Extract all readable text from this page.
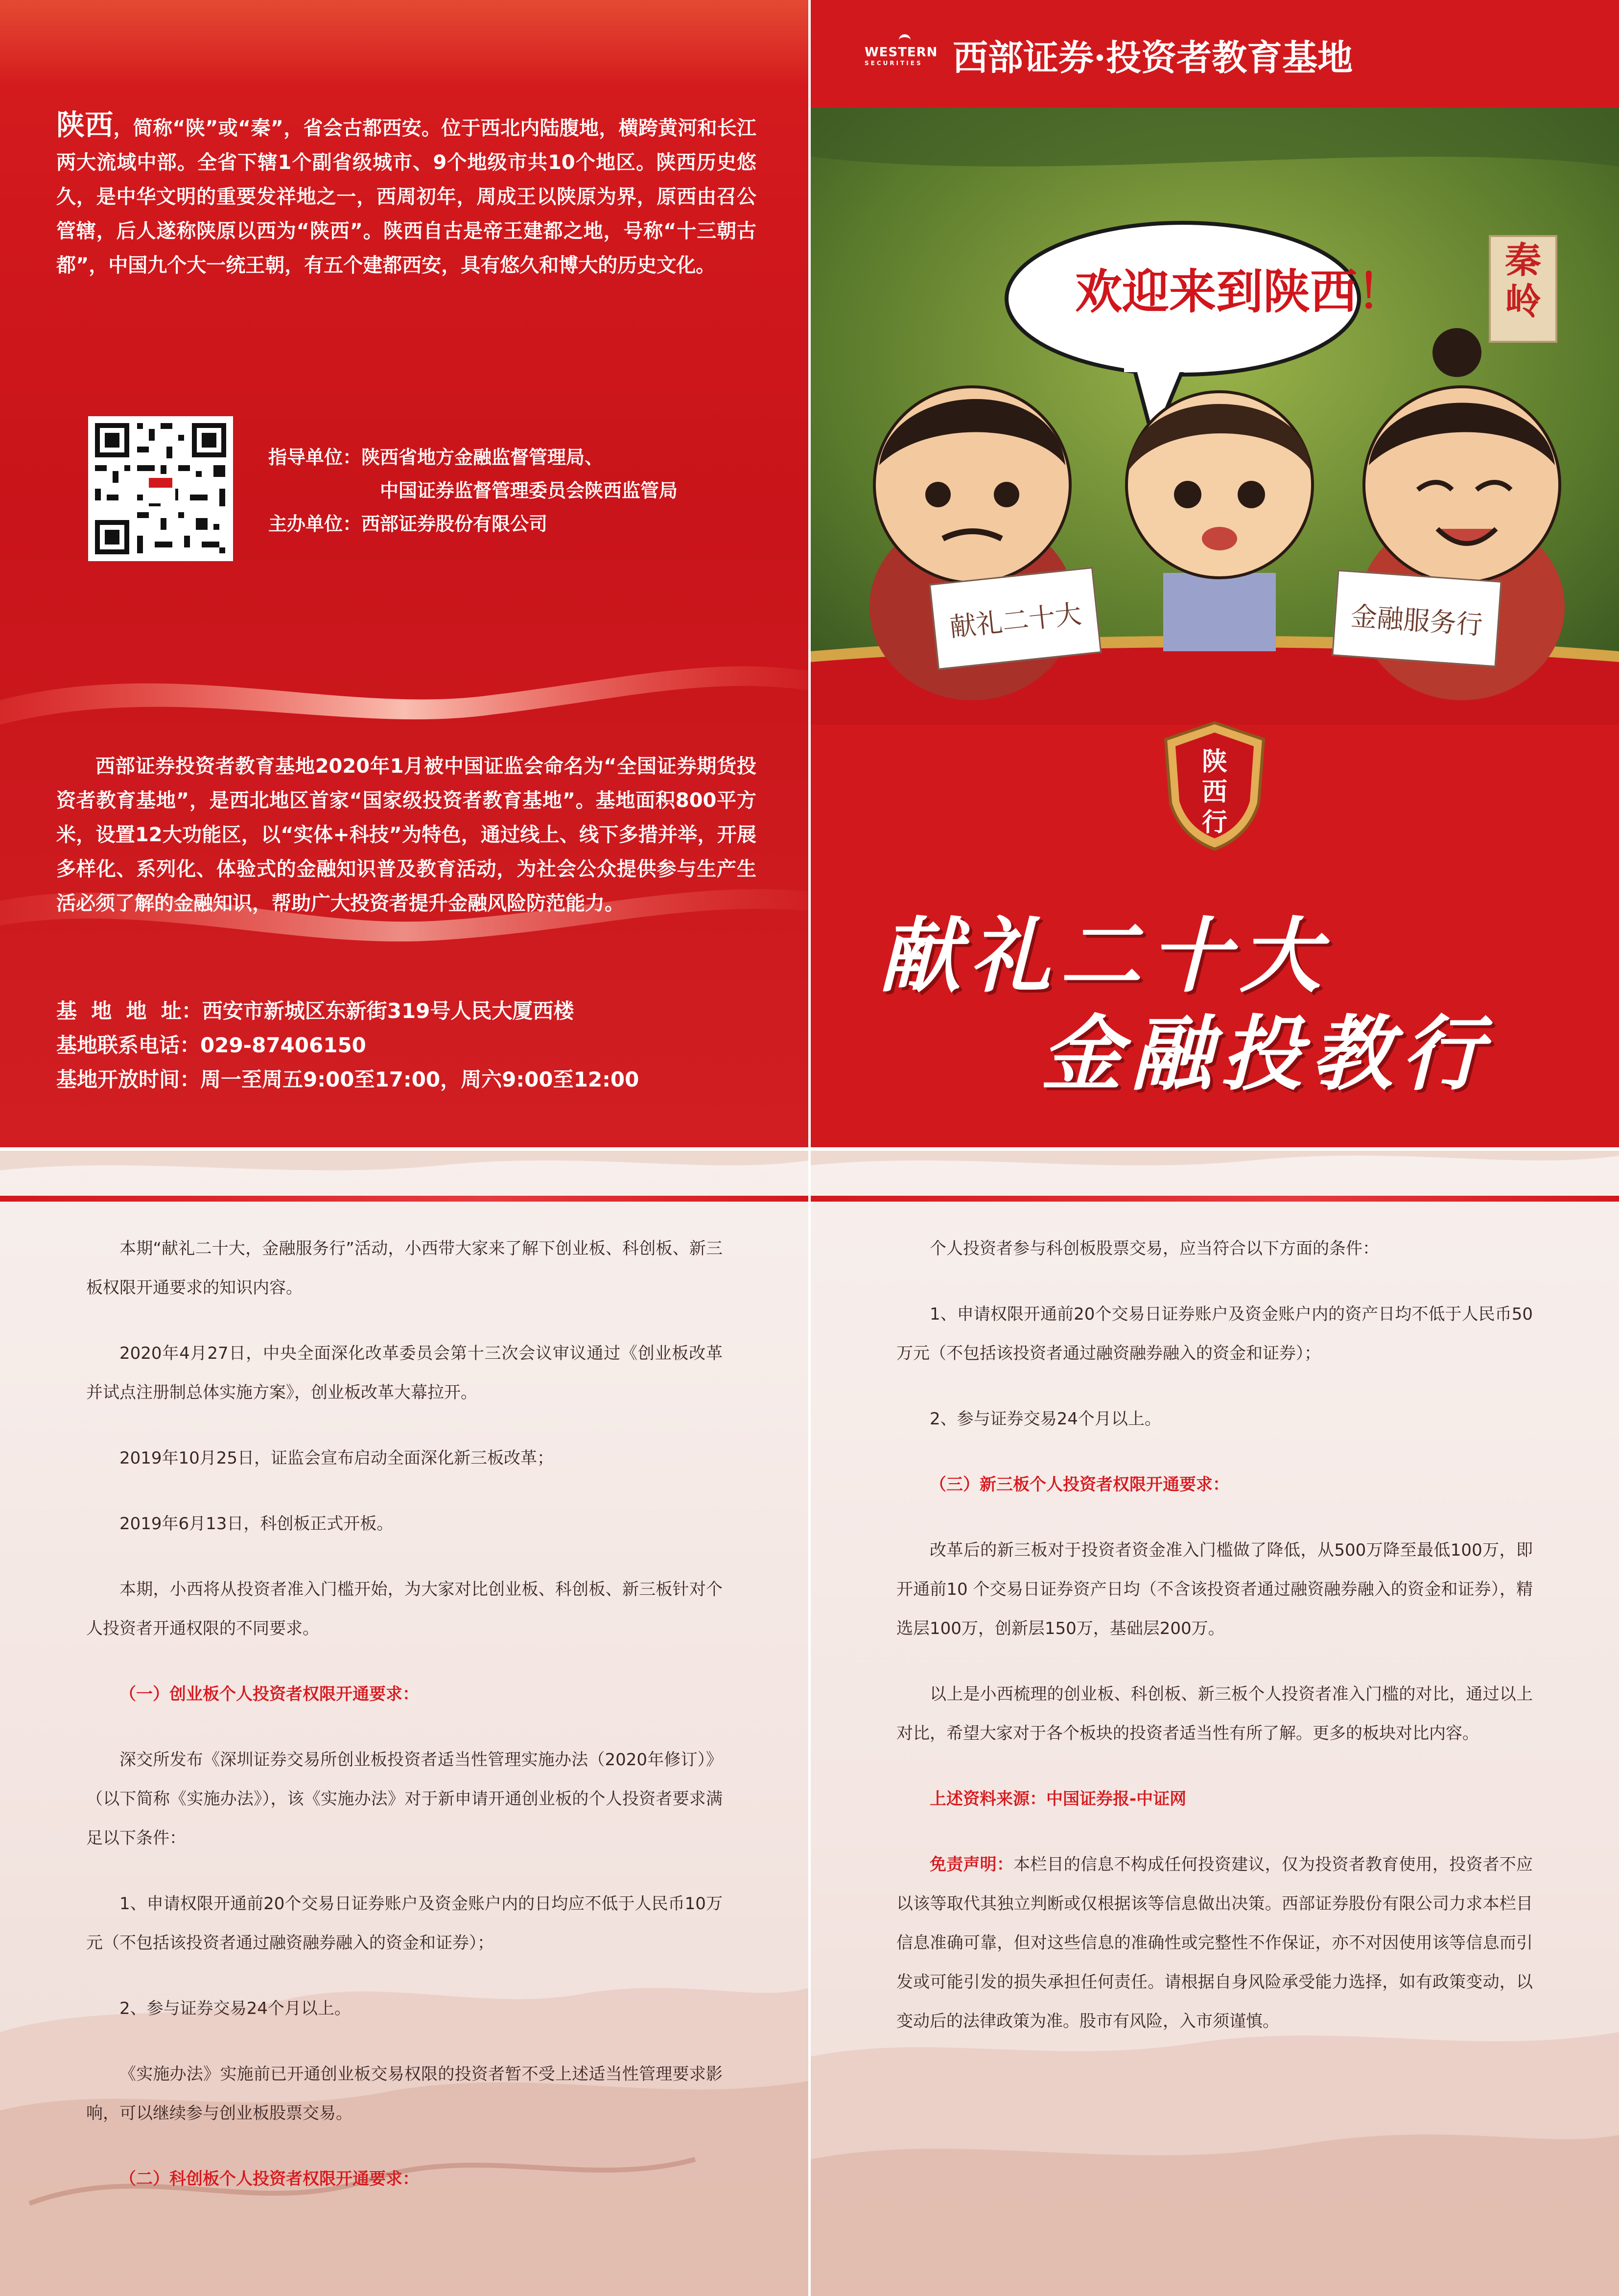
陕西，简称“陕”或“秦”，省会古都西安。位于西北内陆腹地，横跨黄河和长江两大流域中部。全省下辖1个副省级城市、9个地级市共10个地区。陕西历史悠久，是中华文明的重要发祥地之一，西周初年，周成王以陕原为界，原西由召公管辖，后人遂称陕原以西为“陕西”。陕西自古是帝王建都之地，号称“十三朝古都”，中国九个大一统王朝，有五个建都西安，具有悠久和博大的历史文化。
指导单位：陕西省地方金融监督管理局、
中国证券监督管理委员会陕西监管局
主办单位：西部证券股份有限公司
西部证券投资者教育基地2020年1月被中国证监会命名为“全国证券期货投资者教育基地”，是西北地区首家“国家级投资者教育基地”。基地面积800平方米，设置12大功能区，以“实体+科技”为特色，通过线上、线下多措并举，开展多样化、系列化、体验式的金融知识普及教育活动，为社会公众提供参与生产生活必须了解的金融知识，帮助广大投资者提升金融风险防范能力。
基  地  地  址：西安市新城区东新街319号人民大厦西楼
基地联系电话：029-87406150
基地开放时间：周一至周五9:00至17:00，周六9:00至12:00
WESTERN
SECURITIES 西部证券·投资者教育基地
欢迎来到陕西！
秦岭
献礼二十大	金融服务行
陕西行
献礼二十大
金融投教行

本期“献礼二十大，金融服务行”活动，小西带大家来了解下创业板、科创板、新三板权限开通要求的知识内容。

2020年4月27日，中央全面深化改革委员会第十三次会议审议通过《创业板改革并试点注册制总体实施方案》，创业板改革大幕拉开。

2019年10月25日，证监会宣布启动全面深化新三板改革；

2019年6月13日，科创板正式开板。

本期，小西将从投资者准入门槛开始，为大家对比创业板、科创板、新三板针对个人投资者开通权限的不同要求。

（一）创业板个人投资者权限开通要求：

深交所发布《深圳证券交易所创业板投资者适当性管理实施办法（2020年修订）》（以下简称《实施办法》），该《实施办法》对于新申请开通创业板的个人投资者要求满足以下条件：

1、申请权限开通前20个交易日证券账户及资金账户内的日均应不低于人民币10万元（不包括该投资者通过融资融券融入的资金和证券）；

2、参与证券交易24个月以上。

《实施办法》实施前已开通创业板交易权限的投资者暂不受上述适当性管理要求影响，可以继续参与创业板股票交易。

（二）科创板个人投资者权限开通要求：

个人投资者参与科创板股票交易，应当符合以下方面的条件：

1、申请权限开通前20个交易日证券账户及资金账户内的资产日均不低于人民币50万元（不包括该投资者通过融资融券融入的资金和证券）；

2、参与证券交易24个月以上。

（三）新三板个人投资者权限开通要求：

改革后的新三板对于投资者资金准入门槛做了降低，从500万降至最低100万，即开通前10 个交易日证券资产日均（不含该投资者通过融资融券融入的资金和证券），精选层100万，创新层150万，基础层200万。

以上是小西梳理的创业板、科创板、新三板个人投资者准入门槛的对比，通过以上对比，希望大家对于各个板块的投资者适当性有所了解。更多的板块对比内容。

上述资料来源：中国证券报-中证网

免责声明：本栏目的信息不构成任何投资建议，仅为投资者教育使用，投资者不应以该等取代其独立判断或仅根据该等信息做出决策。西部证券股份有限公司力求本栏目信息准确可靠，但对这些信息的准确性或完整性不作保证，亦不对因使用该等信息而引发或可能引发的损失承担任何责任。请根据自身风险承受能力选择，如有政策变动，以变动后的法律政策为准。股市有风险，入市须谨慎。
